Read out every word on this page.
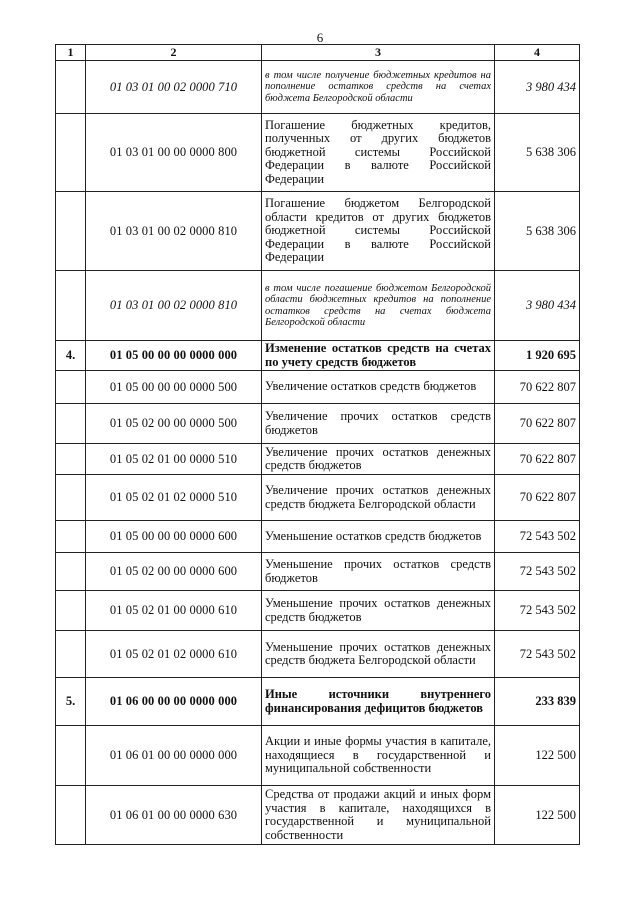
6
1	2	3	4
	01 03 01 00 02 0000 710	в том числе получение бюджетных кредитов на пополнение остатков средств на счетах бюджета Белгородской области	3 980 434
	01 03 01 00 00 0000 800	Погашение бюджетных кредитов, полученных от других бюджетов бюджетной системы Российской Федерации в валюте Российской Федерации	5 638 306
	01 03 01 00 02 0000 810	Погашение бюджетом Белгородской области кредитов от других бюджетов бюджетной системы Российской Федерации в валюте Российской Федерации	5 638 306
	01 03 01 00 02 0000 810	в том числе погашение бюджетом Белгородской области бюджетных кредитов на пополнение остатков средств на счетах бюджета Белгородской области	3 980 434
4.	01 05 00 00 00 0000 000	Изменение остатков средств на счетах по учету средств бюджетов	1 920 695
	01 05 00 00 00 0000 500	Увеличение остатков средств бюджетов	70 622 807
	01 05 02 00 00 0000 500	Увеличение прочих остатков средств бюджетов	70 622 807
	01 05 02 01 00 0000 510	Увеличение прочих остатков денежных средств бюджетов	70 622 807
	01 05 02 01 02 0000 510	Увеличение прочих остатков денежных средств бюджета Белгородской области	70 622 807
	01 05 00 00 00 0000 600	Уменьшение остатков средств бюджетов	72 543 502
	01 05 02 00 00 0000 600	Уменьшение прочих остатков средств бюджетов	72 543 502
	01 05 02 01 00 0000 610	Уменьшение прочих остатков денежных средств бюджетов	72 543 502
	01 05 02 01 02 0000 610	Уменьшение прочих остатков денежных средств бюджета Белгородской области	72 543 502
5.	01 06 00 00 00 0000 000	Иные источники внутреннего финансирования дефицитов бюджетов	233 839
	01 06 01 00 00 0000 000	Акции и иные формы участия в капитале, находящиеся в государственной и муниципальной собственности	122 500
	01 06 01 00 00 0000 630	Средства от продажи акций и иных форм участия в капитале, находящихся в государственной и муниципальной собственности	122 500
